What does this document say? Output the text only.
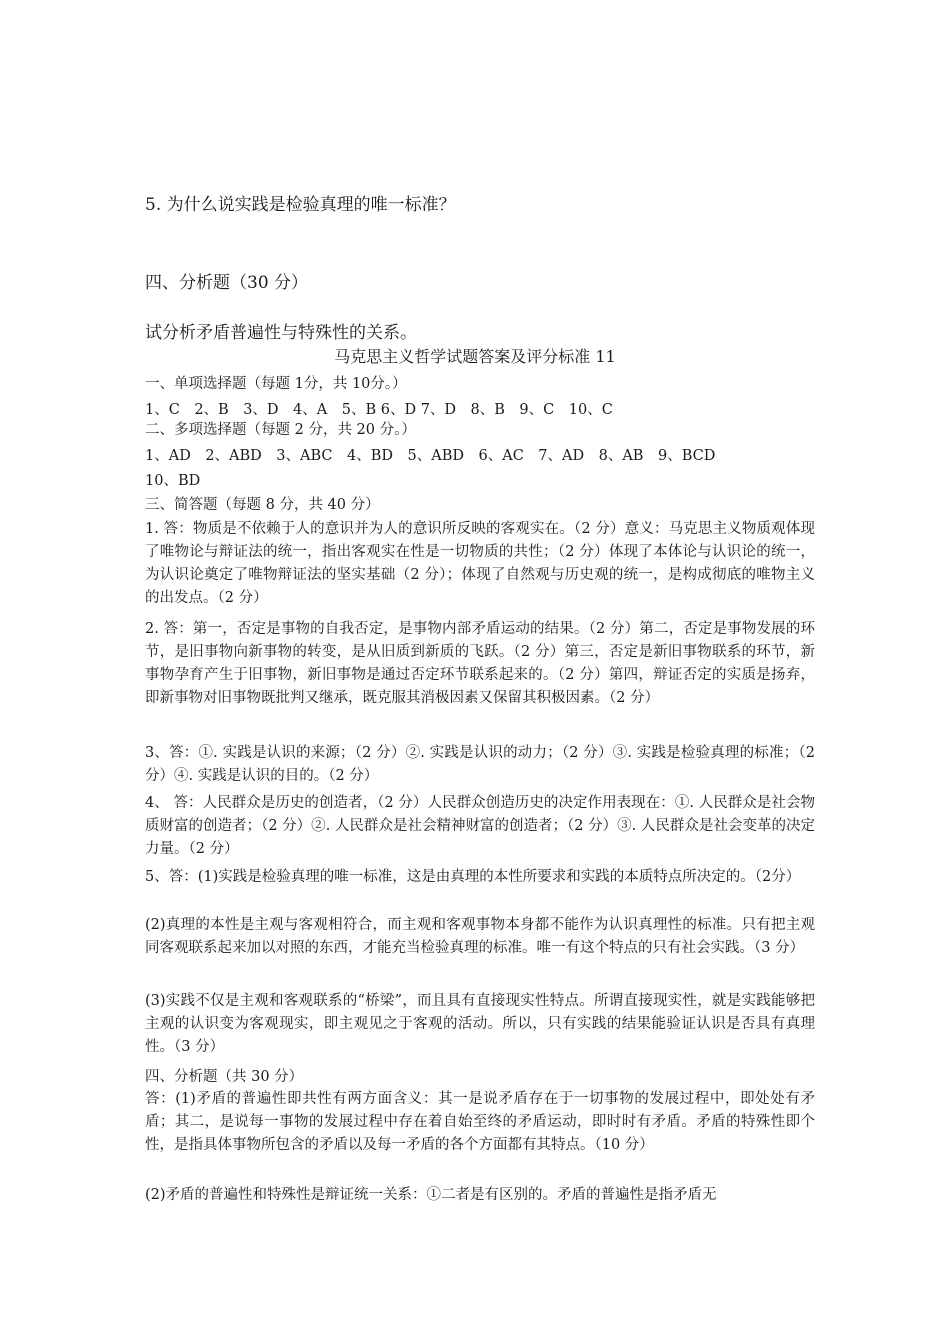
5. 为什么说实践是检验真理的唯一标准？

四、分析题（30 分）

试分析矛盾普遍性与特殊性的关系。

马克思主义哲学试题答案及评分标准 11

一、单项选择题（每题 1分，共 10分。）

1、C　2、B　3、D　4、A　5、B 6、D 7、D　8、B　9、C　10、C

二、多项选择题（每题 2 分，共 20 分。）

1、AD　2、ABD　3、ABC　4、BD　5、ABD　6、AC　7、AD　8、AB　9、BCD

10、BD

三、简答题（每题 8 分，共 40 分）

1. 答：物质是不依赖于人的意识并为人的意识所反映的客观实在。（2 分）意义：马克思主义物质观体现了唯物论与辩证法的统一，指出客观实在性是一切物质的共性；（2 分）体现了本体论与认识论的统一，为认识论奠定了唯物辩证法的坚实基础（2 分）；体现了自然观与历史观的统一，是构成彻底的唯物主义的出发点。（2 分）

2. 答：第一，否定是事物的自我否定，是事物内部矛盾运动的结果。（2 分）第二，否定是事物发展的环节，是旧事物向新事物的转变，是从旧质到新质的飞跃。（2 分）第三，否定是新旧事物联系的环节，新事物孕育产生于旧事物，新旧事物是通过否定环节联系起来的。（2 分）第四，辩证否定的实质是扬弃，即新事物对旧事物既批判又继承，既克服其消极因素又保留其积极因素。（2 分）

3、答：①. 实践是认识的来源；（2 分）②. 实践是认识的动力；（2 分）③. 实践是检验真理的标准；（2 分）④. 实践是认识的目的。（2 分）

4、 答：人民群众是历史的创造者，（2 分）人民群众创造历史的决定作用表现在：①. 人民群众是社会物质财富的创造者；（2 分）②. 人民群众是社会精神财富的创造者；（2 分）③. 人民群众是社会变革的决定力量。（2 分）

5、答：(1)实践是检验真理的唯一标准，这是由真理的本性所要求和实践的本质特点所决定的。（2分）

(2)真理的本性是主观与客观相符合，而主观和客观事物本身都不能作为认识真理性的标准。只有把主观同客观联系起来加以对照的东西，才能充当检验真理的标准。唯一有这个特点的只有社会实践。（3 分）

(3)实践不仅是主观和客观联系的“桥梁”，而且具有直接现实性特点。所谓直接现实性，就是实践能够把主观的认识变为客观现实，即主观见之于客观的活动。所以，只有实践的结果能验证认识是否具有真理性。（3 分）

四、分析题（共 30 分）

答：(1)矛盾的普遍性即共性有两方面含义：其一是说矛盾存在于一切事物的发展过程中，即处处有矛盾；其二，是说每一事物的发展过程中存在着自始至终的矛盾运动，即时时有矛盾。矛盾的特殊性即个性，是指具体事物所包含的矛盾以及每一矛盾的各个方面都有其特点。（10 分）

(2)矛盾的普遍性和特殊性是辩证统一关系：①二者是有区别的。矛盾的普遍性是指矛盾无
